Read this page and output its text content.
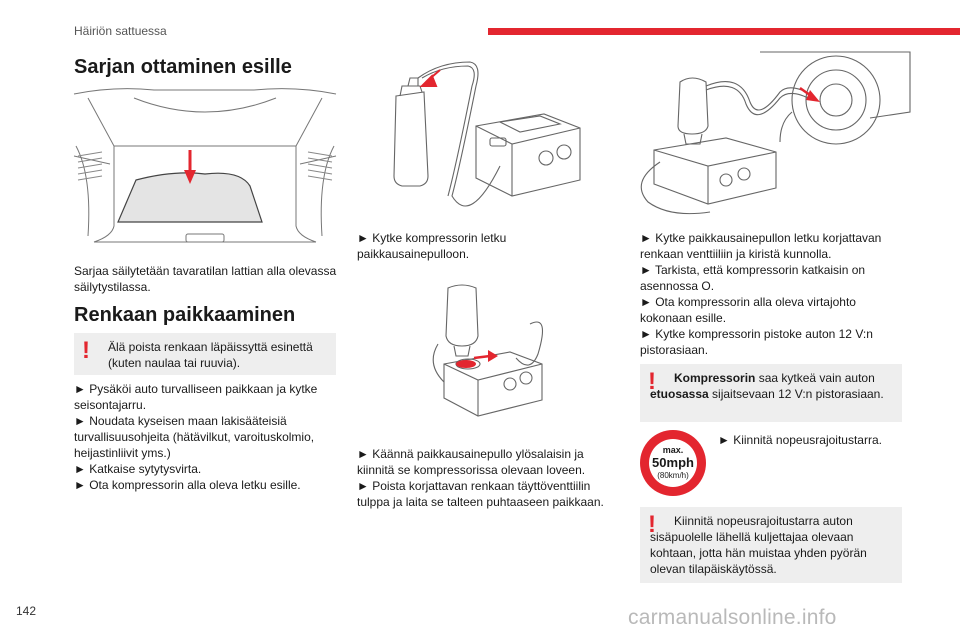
Häiriön sattuessa
Sarjan ottaminen esille

Sarjaa säilytetään tavaratilan lattian alla olevassa säilytystilassa.

Renkaan paikkaaminen
!	Älä poista renkaan läpäissyttä esinettä (kuten naulaa tai ruuvia).

► Pysäköi auto turvalliseen paikkaan ja kytke seisontajarru.

► Noudata kyseisen maan lakisääteisiä turvallisuusohjeita (hätävilkut, varoituskolmio, heijastinliivit yms.)

► Katkaise sytytysvirta.

► Ota kompressorin alla oleva letku esille.

► Kytke kompressorin letku paikkausainepulloon.

► Käännä paikkausainepullo ylösalaisin ja kiinnitä se kompressorissa olevaan loveen.

► Poista korjattavan renkaan täyttöventtiilin tulppa ja laita se talteen puhtaaseen paikkaan.

► Kytke paikkausainepullon letku korjattavan renkaan venttiiliin ja kiristä kunnolla.

► Tarkista, että kompressorin katkaisin on asennossa O.

► Ota kompressorin alla oleva virtajohto kokonaan esille.

► Kytke kompressorin pistoke auton 12 V:n pistorasiaan.

!	Kompressorin saa kytkeä vain auton etuosassa sijaitsevaan 12 V:n pistorasiaan.
max.
50mph
(80km/h)

► Kiinnitä nopeusrajoitustarra.

!	Kiinnitä nopeusrajoitustarra auton sisäpuolelle lähellä kuljettajaa olevaan kohtaan, jotta hän muistaa yhden pyörän olevan tilapäiskäytössä.
142	carmanualsonline.info
